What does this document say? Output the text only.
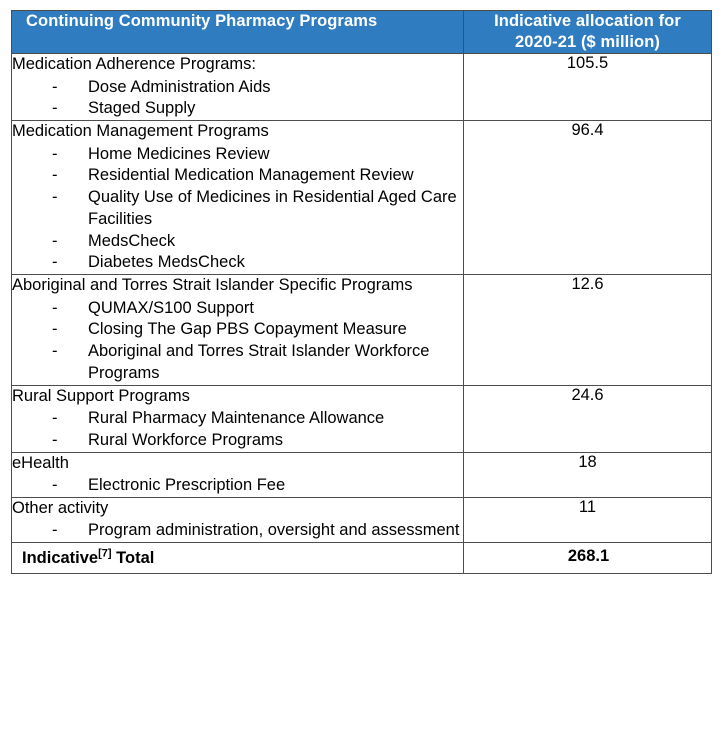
Continuing Community Pharmacy Programs	Indicative allocation for
2020-21 ($ million)

Medication Adherence Programs:
- Dose Administration Aids
- Staged Supply
	105.5

Medication Management Programs
- Home Medicines Review
- Residential Medication Management Review
- Quality Use of Medicines in Residential Aged Care Facilities
- MedsCheck
- Diabetes MedsCheck
	96.4

Aboriginal and Torres Strait Islander Specific Programs
- QUMAX/S100 Support
- Closing The Gap PBS Copayment Measure
- Aboriginal and Torres Strait Islander Workforce Programs
	12.6

Rural Support Programs
- Rural Pharmacy Maintenance Allowance
- Rural Workforce Programs
	24.6

eHealth
- Electronic Prescription Fee
	18

Other activity
- Program administration, oversight and assessment
	11
Indicative[7] Total	268.1
